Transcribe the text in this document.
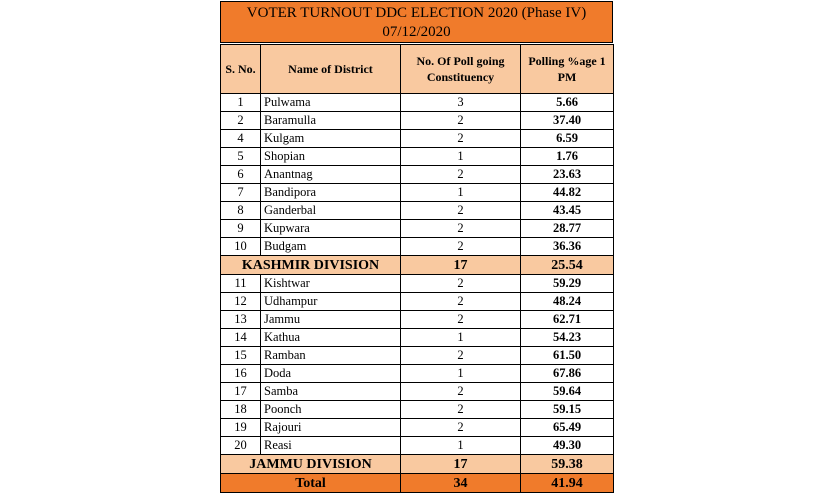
VOTER TURNOUT DDC ELECTION 2020 (Phase IV)
07/12/2020
S. No.	Name of District	No. Of Poll going Constituency	Polling %age 1 PM
1	Pulwama	3	5.66
2	Baramulla	2	37.40
4	Kulgam	2	6.59
5	Shopian	1	1.76
6	Anantnag	2	23.63
7	Bandipora	1	44.82
8	Ganderbal	2	43.45
9	Kupwara	2	28.77
10	Budgam	2	36.36
KASHMIR DIVISION		17	25.54
11	Kishtwar	2	59.29
12	Udhampur	2	48.24
13	Jammu	2	62.71
14	Kathua	1	54.23
15	Ramban	2	61.50
16	Doda	1	67.86
17	Samba	2	59.64
18	Poonch	2	59.15
19	Rajouri	2	65.49
20	Reasi	1	49.30
JAMMU DIVISION		17	59.38
Total		34	41.94
